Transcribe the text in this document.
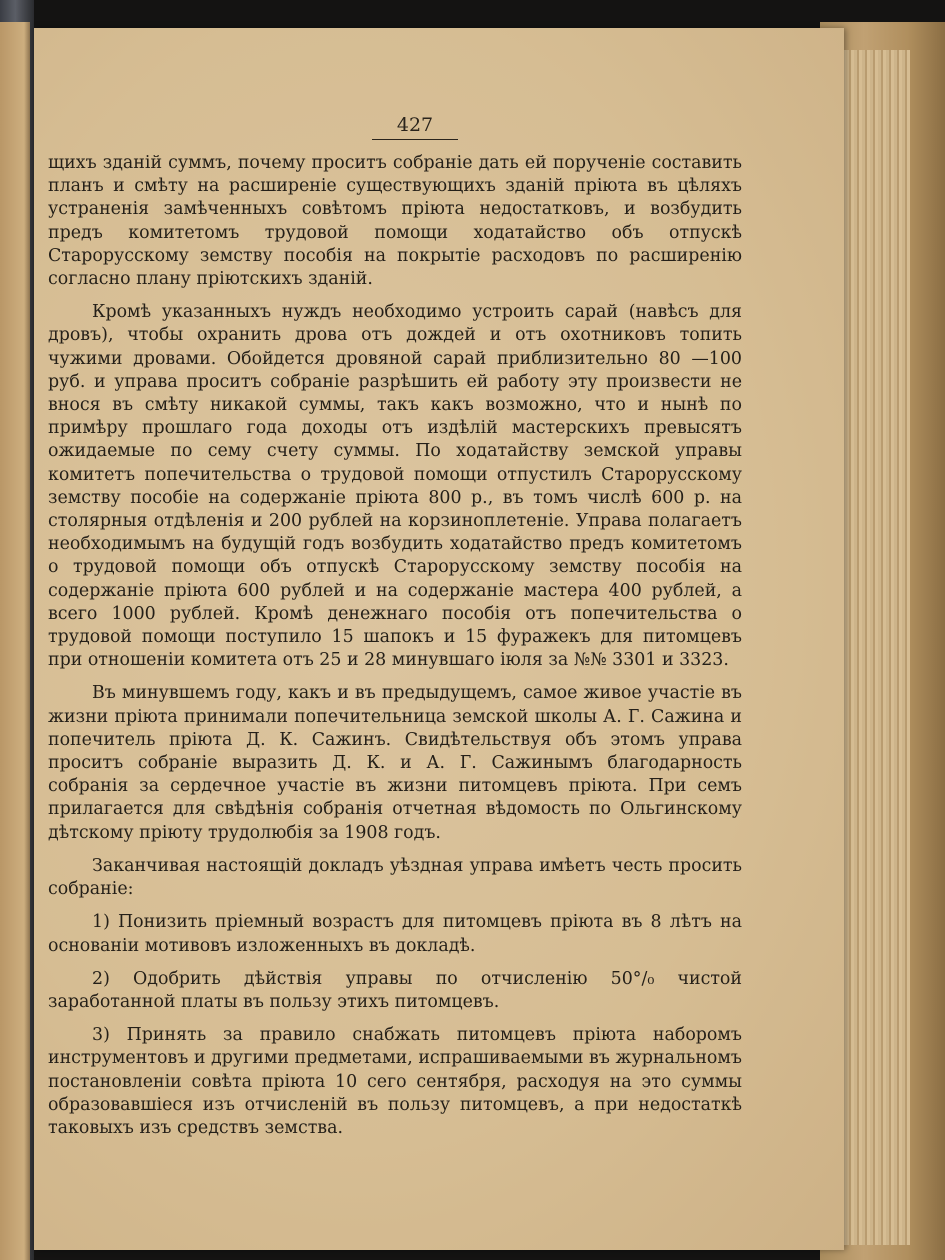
427

щихъ зданій суммъ, почему проситъ собраніе дать ей порученіе составить планъ и смѣту на расширеніе существующихъ зданій пріюта въ цѣляхъ устраненія замѣченныхъ совѣтомъ пріюта недостатковъ, и возбудить предъ комитетомъ трудовой помощи ходатайство объ отпускѣ Старорусскому земству пособія на покрытіе расходовъ по расширенію согласно плану пріютскихъ зданій.

Кромѣ указанныхъ нуждъ необходимо устроить сарай (навѣсъ для дровъ), чтобы охранить дрова отъ дождей и отъ охотниковъ топить чужими дровами. Обойдется дровяной сарай приблизительно 80 —100 руб. и управа проситъ собраніе разрѣшить ей работу эту произвести не внося въ смѣту никакой суммы, такъ какъ возможно, что и нынѣ по примѣру прошлаго года доходы отъ издѣлій мастерскихъ превысятъ ожидаемые по сему счету суммы. По ходатайству земской управы комитетъ попечительства о трудовой помощи отпустилъ Старорусскому земству пособіе на содержаніе пріюта 800 р., въ томъ числѣ 600 р. на столярныя отдѣленія и 200 рублей на корзиноплетеніе. Управа полагаетъ необходимымъ на будущій годъ возбудить ходатайство предъ комитетомъ о трудовой помощи объ отпускѣ Старорусскому земству пособія на содержаніе пріюта 600 рублей и на содержаніе мастера 400 рублей, а всего 1000 рублей. Кромѣ денежнаго пособія отъ попечительства о трудовой помощи поступило 15 шапокъ и 15 фуражекъ для питомцевъ при отношеніи комитета отъ 25 и 28 минувшаго іюля за №№ 3301 и 3323.

Въ минувшемъ году, какъ и въ предыдущемъ, самое живое участіе въ жизни пріюта принимали попечительница земской школы А. Г. Сажина и попечитель пріюта Д. К. Сажинъ. Свидѣтельствуя объ этомъ управа проситъ собраніе выразить Д. К. и А. Г. Сажинымъ благодарность собранія за сердечное участіе въ жизни питомцевъ пріюта. При семъ прилагается для свѣдѣнія собранія отчетная вѣдомость по Ольгинскому дѣтскому пріюту трудолюбія за 1908 годъ.

Заканчивая настоящій докладъ уѣздная управа имѣетъ честь просить собраніе:

1) Понизить пріемный возрастъ для питомцевъ пріюта въ 8 лѣтъ на основаніи мотивовъ изложенныхъ въ докладѣ.

2) Одобрить дѣйствія управы по отчисленію 50°/₀ чистой заработанной платы въ пользу этихъ питомцевъ.

3) Принять за правило снабжать питомцевъ пріюта наборомъ инструментовъ и другими предметами, испрашиваемыми въ журнальномъ постановленіи совѣта пріюта 10 сего сентября, расходуя на это суммы образовавшіеся изъ отчисленій въ пользу питомцевъ, а при недостаткѣ таковыхъ изъ средствъ земства.
